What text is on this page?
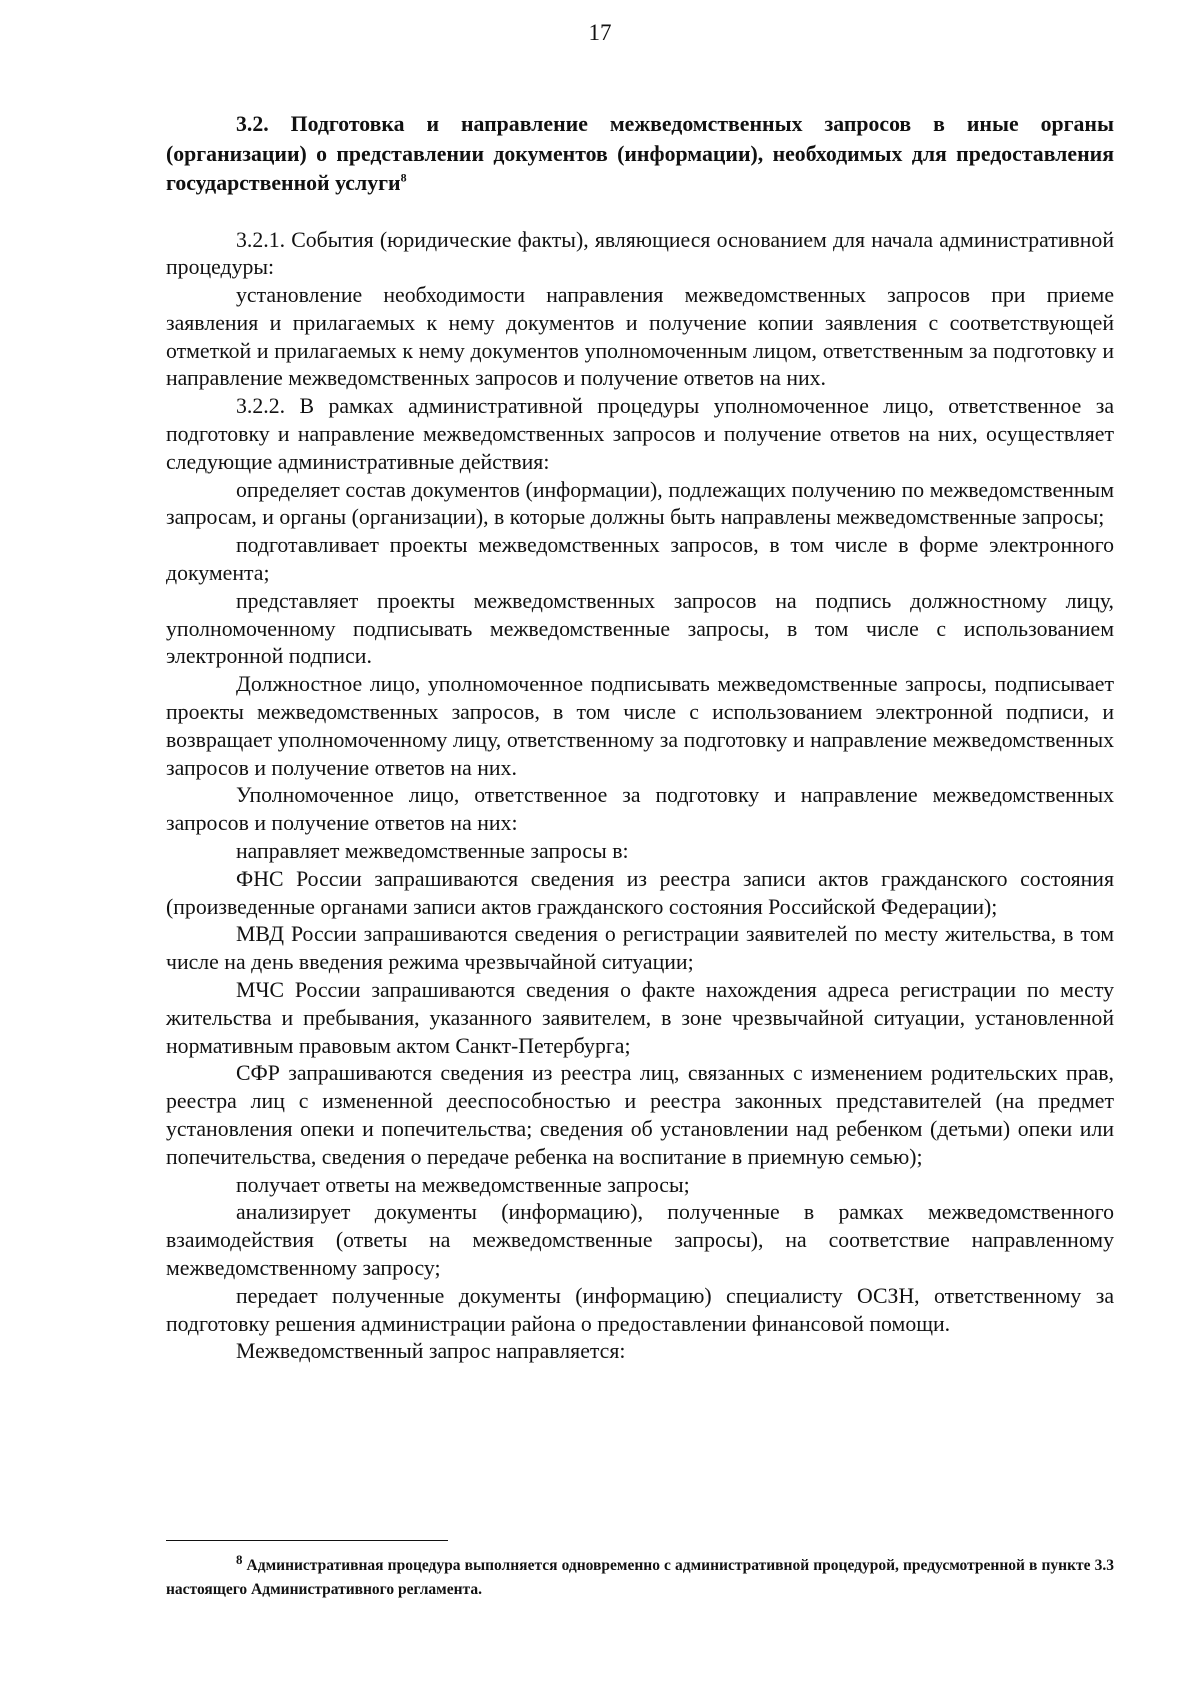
17

3.2. Подготовка и направление межведомственных запросов в иные органы (организации) о представлении документов (информации), необходимых для предоставления государственной услуги$^8$

3.2.1. События (юридические факты), являющиеся основанием для начала административной процедуры:

установление необходимости направления межведомственных запросов при приеме заявления и прилагаемых к нему документов и получение копии заявления с соответствующей отметкой и прилагаемых к нему документов уполномоченным лицом, ответственным за подготовку и направление межведомственных запросов и получение ответов на них.

3.2.2. В рамках административной процедуры уполномоченное лицо, ответственное за подготовку и направление межведомственных запросов и получение ответов на них, осуществляет следующие административные действия:

определяет состав документов (информации), подлежащих получению по межведомственным запросам, и органы (организации), в которые должны быть направлены межведомственные запросы;

подготавливает проекты межведомственных запросов, в том числе в форме электронного документа;

представляет проекты межведомственных запросов на подпись должностному лицу, уполномоченному подписывать межведомственные запросы, в том числе с использованием электронной подписи.

Должностное лицо, уполномоченное подписывать межведомственные запросы, подписывает проекты межведомственных запросов, в том числе с использованием электронной подписи, и возвращает уполномоченному лицу, ответственному за подготовку и направление межведомственных запросов и получение ответов на них.

Уполномоченное лицо, ответственное за подготовку и направление межведомственных запросов и получение ответов на них:

направляет межведомственные запросы в:

ФНС России запрашиваются сведения из реестра записи актов гражданского состояния (произведенные органами записи актов гражданского состояния Российской Федерации);

МВД России запрашиваются сведения о регистрации заявителей по месту жительства, в том числе на день введения режима чрезвычайной ситуации;

МЧС России запрашиваются сведения о факте нахождения адреса регистрации по месту жительства и пребывания, указанного заявителем, в зоне чрезвычайной ситуации, установленной нормативным правовым актом Санкт-Петербурга;

СФР запрашиваются сведения из реестра лиц, связанных с изменением родительских прав, реестра лиц с измененной дееспособностью и реестра законных представителей (на предмет установления опеки и попечительства; сведения об установлении над ребенком (детьми) опеки или попечительства, сведения о передаче ребенка на воспитание в приемную семью);

получает ответы на межведомственные запросы;

анализирует документы (информацию), полученные в рамках межведомственного взаимодействия (ответы на межведомственные запросы), на соответствие направленному межведомственному запросу;

передает полученные документы (информацию) специалисту ОСЗН, ответственному за подготовку решения администрации района о предоставлении финансовой помощи.

Межведомственный запрос направляется:

$^8$ Административная процедура выполняется одновременно с административной процедурой, предусмотренной в пункте 3.3 настоящего Административного регламента.
